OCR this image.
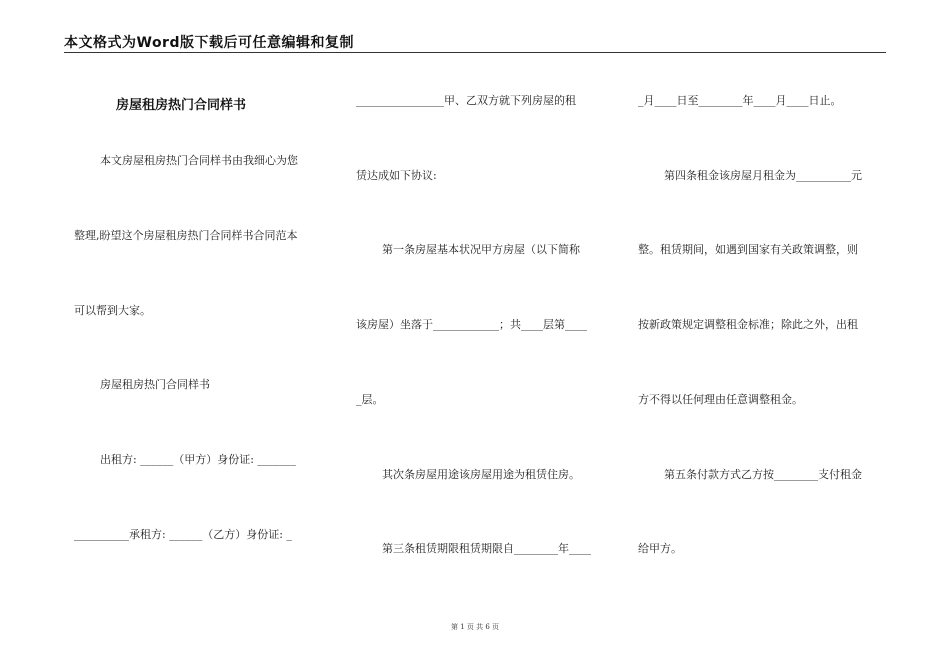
本文格式为Word版下载后可任意编辑和复制
房屋租房热门合同样书
本文房屋租房热门合同样书由我细心为您
整理,盼望这个房屋租房热门合同样书合同范本
可以帮到大家。
房屋租房热门合同样书
出租方: ______（甲方）身份证: _______
__________承租方: ______（乙方）身份证: _
________________甲、乙双方就下列房屋的租
赁达成如下协议:
第一条房屋基本状况甲方房屋（以下简称
该房屋）坐落于____________；共____层第____
_层。
其次条房屋用途该房屋用途为租赁住房。
第三条租赁期限租赁期限自________年____
_月____日至________年____月____日止。
第四条租金该房屋月租金为__________元
整。租赁期间，如遇到国家有关政策调整，则
按新政策规定调整租金标准；除此之外，出租
方不得以任何理由任意调整租金。
第五条付款方式乙方按________支付租金
给甲方。
第 1 页 共 6 页
